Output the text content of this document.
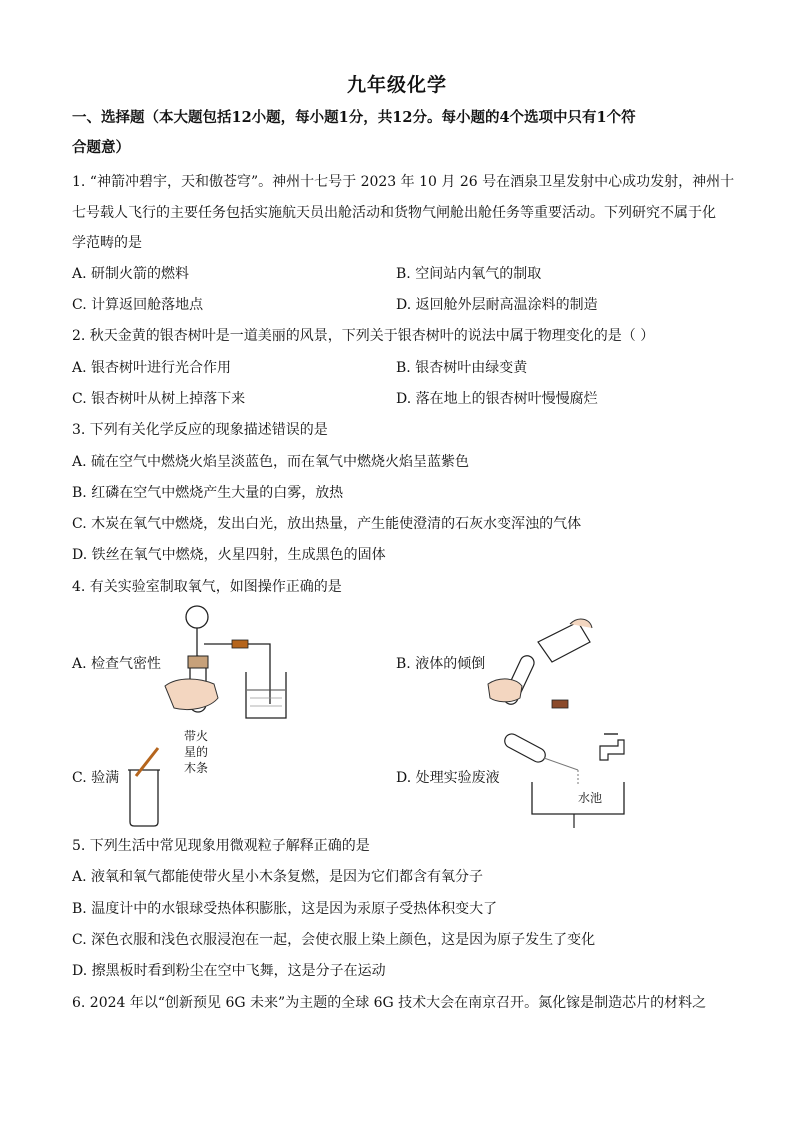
九年级化学
一、选择题（本大题包括12小题，每小题1分，共12分。每小题的4个选项中只有1个符
合题意）
1. “神箭冲碧宇，天和傲苍穹”。神州十七号于 2023 年 10 月 26 号在酒泉卫星发射中心成功发射，神州十
七号载人飞行的主要任务包括实施航天员出舱活动和货物气闸舱出舱任务等重要活动。下列研究不属于化
学范畴的是
A. 研制火箭的燃料	B. 空间站内氧气的制取
C. 计算返回舱落地点	D. 返回舱外层耐高温涂料的制造
2. 秋天金黄的银杏树叶是一道美丽的风景，下列关于银杏树叶的说法中属于物理变化的是（ ）
A. 银杏树叶进行光合作用	B. 银杏树叶由绿变黄
C. 银杏树叶从树上掉落下来	D. 落在地上的银杏树叶慢慢腐烂
3. 下列有关化学反应的现象描述错误的是
A. 硫在空气中燃烧火焰呈淡蓝色，而在氧气中燃烧火焰呈蓝紫色
B. 红磷在空气中燃烧产生大量的白雾，放热
C. 木炭在氧气中燃烧，发出白光，放出热量，产生能使澄清的石灰水变浑浊的气体
D. 铁丝在氧气中燃烧，火星四射，生成黑色的固体
4. 有关实验室制取氧气，如图操作正确的是
A. 检查气密性	B. 液体的倾倒
带火
星的
木条
C. 验满
水池
D. 处理实验废液
5. 下列生活中常见现象用微观粒子解释正确的是
A. 液氧和氧气都能使带火星小木条复燃，是因为它们都含有氧分子
B. 温度计中的水银球受热体积膨胀，这是因为汞原子受热体积变大了
C. 深色衣服和浅色衣服浸泡在一起，会使衣服上染上颜色，这是因为原子发生了变化
D. 擦黑板时看到粉尘在空中飞舞，这是分子在运动
6. 2024 年以“创新预见 6G 未来”为主题的全球 6G 技术大会在南京召开。氮化镓是制造芯片的材料之
